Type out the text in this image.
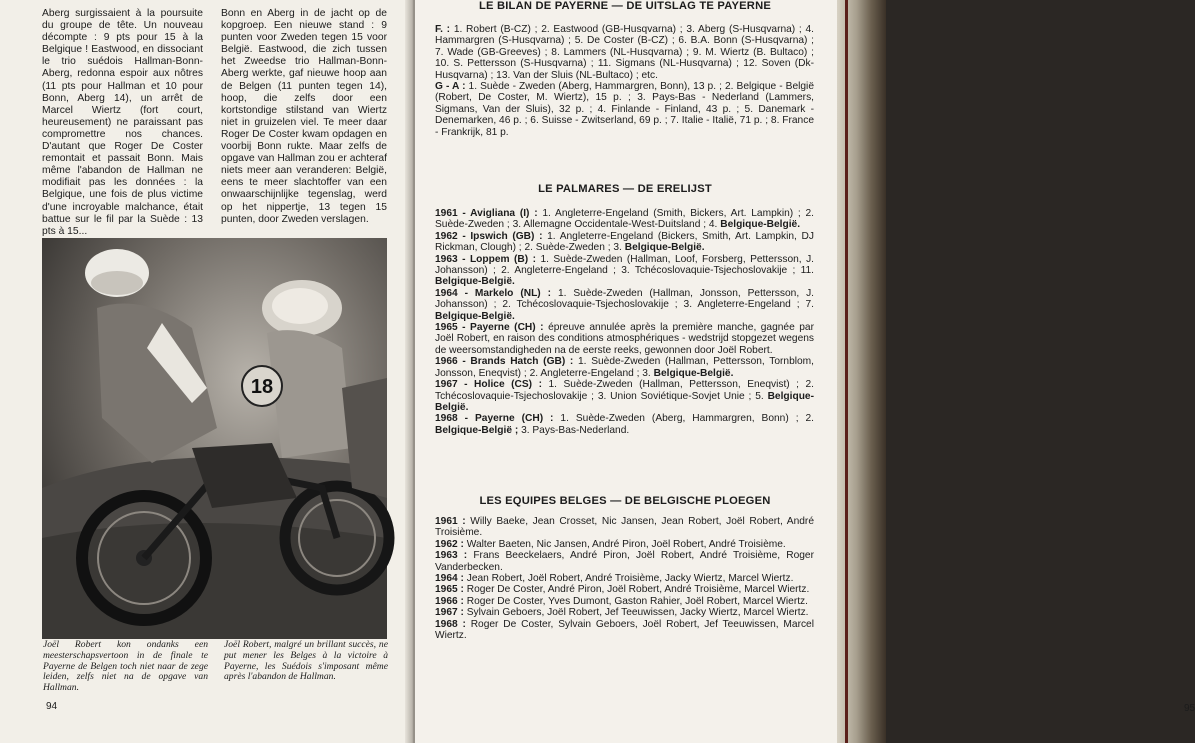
Aberg surgissaient à la poursuite du groupe de tête. Un nouveau décompte : 9 pts pour 15 à la Belgique ! Eastwood, en dissociant le trio suédois Hallman-Bonn-Aberg, redonna espoir aux nôtres (11 pts pour Hallman et 10 pour Bonn, Aberg 14), un arrêt de Marcel Wiertz (fort court, heureusement) ne paraissant pas compromettre nos chances. D'autant que Roger De Coster remontait et passait Bonn. Mais même l'abandon de Hallman ne modifiait pas les données : la Belgique, une fois de plus victime d'une incroyable malchance, était battue sur le fil par la Suède : 13 pts à 15...

Bonn en Aberg in de jacht op de kopgroep. Een nieuwe stand : 9 punten voor Zweden tegen 15 voor België. Eastwood, die zich tussen het Zweedse trio Hallman-Bonn-Aberg werkte, gaf nieuwe hoop aan de Belgen (11 punten tegen 14), hoop, die zelfs door een kortstondige stilstand van Wiertz niet in gruizelen viel. Te meer daar Roger De Coster kwam opdagen en voorbij Bonn rukte. Maar zelfs de opgave van Hallman zou er achteraf niets meer aan veranderen: België, eens te meer slachtoffer van een onwaarschijnlijke tegenslag, werd op het nippertje, 13 tegen 15 punten, door Zweden verslagen.

18
Joël Robert kon ondanks een meesterschapsvertoon in de finale te Payerne de Belgen toch niet naar de zege leiden, zelfs niet na de opgave van Hallman.
Joël Robert, malgré un brillant succès, ne put mener les Belges à la victoire à Payerne, les Suédois s'imposant même après l'abandon de Hallman.
94
LE BILAN DE PAYERNE — DE UITSLAG TE PAYERNE

F. : 1. Robert (B-CZ) ; 2. Eastwood (GB-Husqvarna) ; 3. Aberg (S-Husqvarna) ; 4. Hammargren (S-Husqvarna) ; 5. De Coster (B-CZ) ; 6. B.A. Bonn (S-Husqvarna) ; 7. Wade (GB-Greeves) ; 8. Lammers (NL-Husqvarna) ; 9. M. Wiertz (B. Bultaco) ; 10. S. Pettersson (S-Husqvarna) ; 11. Sigmans (NL-Husqvarna) ; 12. Soven (Dk-Husqvarna) ; 13. Van der Sluis (NL-Bultaco) ; etc.

G - A : 1. Suède - Zweden (Aberg, Hammargren, Bonn), 13 p. ; 2. Belgique - België (Robert, De Coster, M. Wiertz), 15 p. ; 3. Pays-Bas - Nederland (Lammers, Sigmans, Van der Sluis), 32 p. ; 4. Finlande - Finland, 43 p. ; 5. Danemark - Denemarken, 46 p. ; 6. Suisse - Zwitserland, 69 p. ; 7. Italie - Italië, 71 p. ; 8. France - Frankrijk, 81 p.

LE PALMARES — DE ERELIJST

1961 - Avigliana (I) : 1. Angleterre-Engeland (Smith, Bickers, Art. Lampkin) ; 2. Suède-Zweden ; 3. Allemagne Occidentale-West-Duitsland ; 4. Belgique-België.

1962 - Ipswich (GB) : 1. Angleterre-Engeland (Bickers, Smith, Art. Lampkin, DJ Rickman, Clough) ; 2. Suède-Zweden ; 3. Belgique-België.

1963 - Loppem (B) : 1. Suède-Zweden (Hallman, Loof, Forsberg, Pettersson, J. Johansson) ; 2. Angleterre-Engeland ; 3. Tchécoslovaquie-Tsjechoslovakije ; 11. Belgique-België.

1964 - Markelo (NL) : 1. Suède-Zweden (Hallman, Jonsson, Pettersson, J. Johansson) ; 2. Tchécoslovaquie-Tsjechoslovakije ; 3. Angleterre-Engeland ; 7. Belgique-België.

1965 - Payerne (CH) : épreuve annulée après la première manche, gagnée par Joël Robert, en raison des conditions atmosphériques - wedstrijd stopgezet wegens de weersomstandigheden na de eerste reeks, gewonnen door Joël Robert.

1966 - Brands Hatch (GB) : 1. Suède-Zweden (Hallman, Pettersson, Tornblom, Jonsson, Eneqvist) ; 2. Angleterre-Engeland ; 3. Belgique-België.

1967 - Holice (CS) : 1. Suède-Zweden (Hallman, Pettersson, Eneqvist) ; 2. Tchécoslovaquie-Tsjechoslovakije ; 3. Union Soviétique-Sovjet Unie ; 5. Belgique-België.

1968 - Payerne (CH) : 1. Suède-Zweden (Aberg, Hammargren, Bonn) ; 2. Belgique-België ; 3. Pays-Bas-Nederland.

LES EQUIPES BELGES — DE BELGISCHE PLOEGEN

1961 : Willy Baeke, Jean Crosset, Nic Jansen, Jean Robert, Joël Robert, André Troisième.

1962 : Walter Baeten, Nic Jansen, André Piron, Joël Robert, André Troisième.

1963 : Frans Beeckelaers, André Piron, Joël Robert, André Troisième, Roger Vanderbecken.

1964 : Jean Robert, Joël Robert, André Troisième, Jacky Wiertz, Marcel Wiertz.

1965 : Roger De Coster, André Piron, Joël Robert, André Troisième, Marcel Wiertz.

1966 : Roger De Coster, Yves Dumont, Gaston Rahier, Joël Robert, Marcel Wiertz.

1967 : Sylvain Geboers, Joël Robert, Jef Teeuwissen, Jacky Wiertz, Marcel Wiertz.

1968 : Roger De Coster, Sylvain Geboers, Joël Robert, Jef Teeuwissen, Marcel Wiertz.

95
